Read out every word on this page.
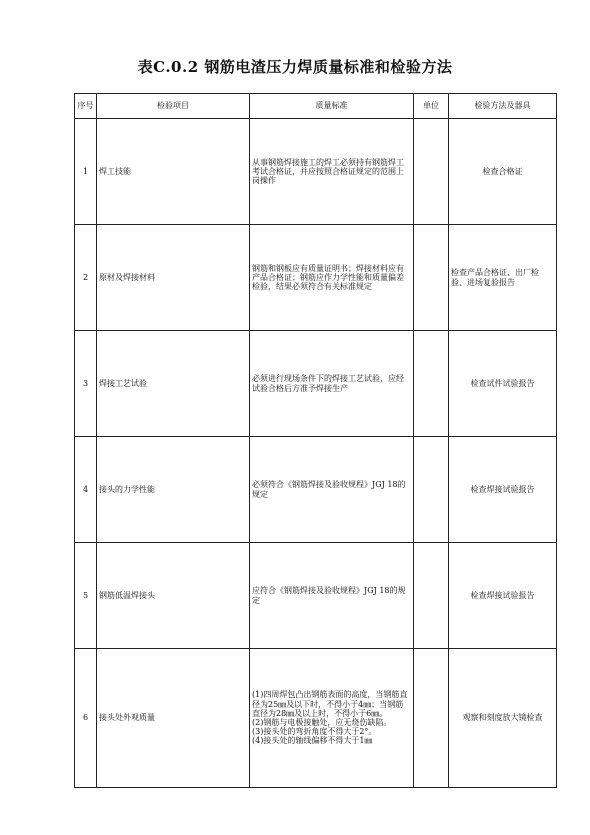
表C.0.2 钢筋电渣压力焊质量标准和检验方法
序号	检验项目	质量标准	单位	检验方法及器具
1	焊工技能	从事钢筋焊接施工的焊工必须持有钢筋焊工考试合格证，并应按照合格证规定的范围上岗操作		检查合格证
2	原材及焊接材料	钢筋和钢板应有质量证明书；焊接材料应有产品合格证；钢筋应作力学性能和质量偏差检验，结果必须符合有关标准规定		检查产品合格证、出厂检验、进场复验报告
3	焊接工艺试验	必须进行现场条件下的焊接工艺试验，应经试验合格后方准予焊接生产		检查试件试验报告
4	接头的力学性能	必须符合《钢筋焊接及验收规程》JGJ 18的规定		检查焊接试验报告
5	钢筋低温焊接头	应符合《钢筋焊接及验收规程》JGJ 18的规定		检查焊接试验报告
6	接头处外观质量	(1)四周焊包凸出钢筋表面的高度，当钢筋直径为25㎜及以下时，不得小于4㎜；当钢筋直径为28㎜及以上时，不得小于6㎜。
(2)钢筋与电极接触处，应无烧伤缺陷。
(3)接头处的弯折角度不得大于2°。
(4)接头处的轴线偏移不得大于1㎜		观察和刻度放大镜检查
